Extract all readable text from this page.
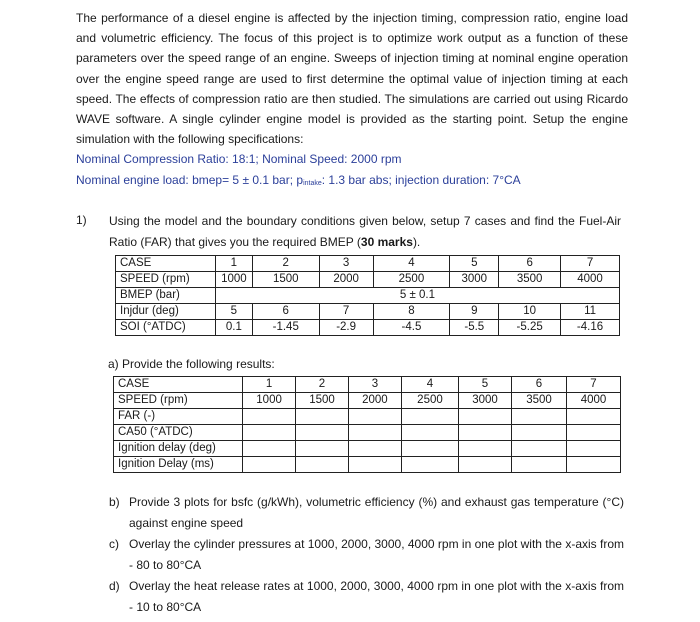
The performance of a diesel engine is affected by the injection timing, compression ratio, engine load and volumetric efficiency. The focus of this project is to optimize work output as a function of these parameters over the speed range of an engine. Sweeps of injection timing at nominal engine operation over the engine speed range are used to first determine the optimal value of injection timing at each speed. The effects of compression ratio are then studied. The simulations are carried out using Ricardo WAVE software. A single cylinder engine model is provided as the starting point. Setup the engine simulation with the following specifications:

Nominal Compression Ratio: 18:1; Nominal Speed: 2000 rpm

Nominal engine load: bmep= 5 ± 0.1 bar; $p_{intake}$: 1.3 bar abs; injection duration: 7°CA

1) Using the model and the boundary conditions given below, setup 7 cases and find the Fuel-Air Ratio (FAR) that gives you the required BMEP (30 marks).

CASE	1	2	3	4	5	6	7
SPEED (rpm)	1000	1500	2000	2500	3000	3500	4000
BMEP (bar)	5 ± 0.1						
Injdur (deg)	5	6	7	8	9	10	11
SOI (°ATDC)	0.1	-1.45	-2.9	-4.5	-5.5	-5.25	-4.16
a) Provide the following results:
CASE	1	2	3	4	5	6	7
SPEED (rpm)	1000	1500	2000	2500	3000	3500	4000
FAR (-)							
CA50 (°ATDC)							
Ignition delay (deg)							
Ignition Delay (ms)							
b) Provide 3 plots for bsfc (g/kWh), volumetric efficiency (%) and exhaust gas temperature (°C) against engine speed
c) Overlay the cylinder pressures at 1000, 2000, 3000, 4000 rpm in one plot with the x-axis from - 80 to 80°CA
d) Overlay the heat release rates at 1000, 2000, 3000, 4000 rpm in one plot with the x-axis from - 10 to 80°CA
